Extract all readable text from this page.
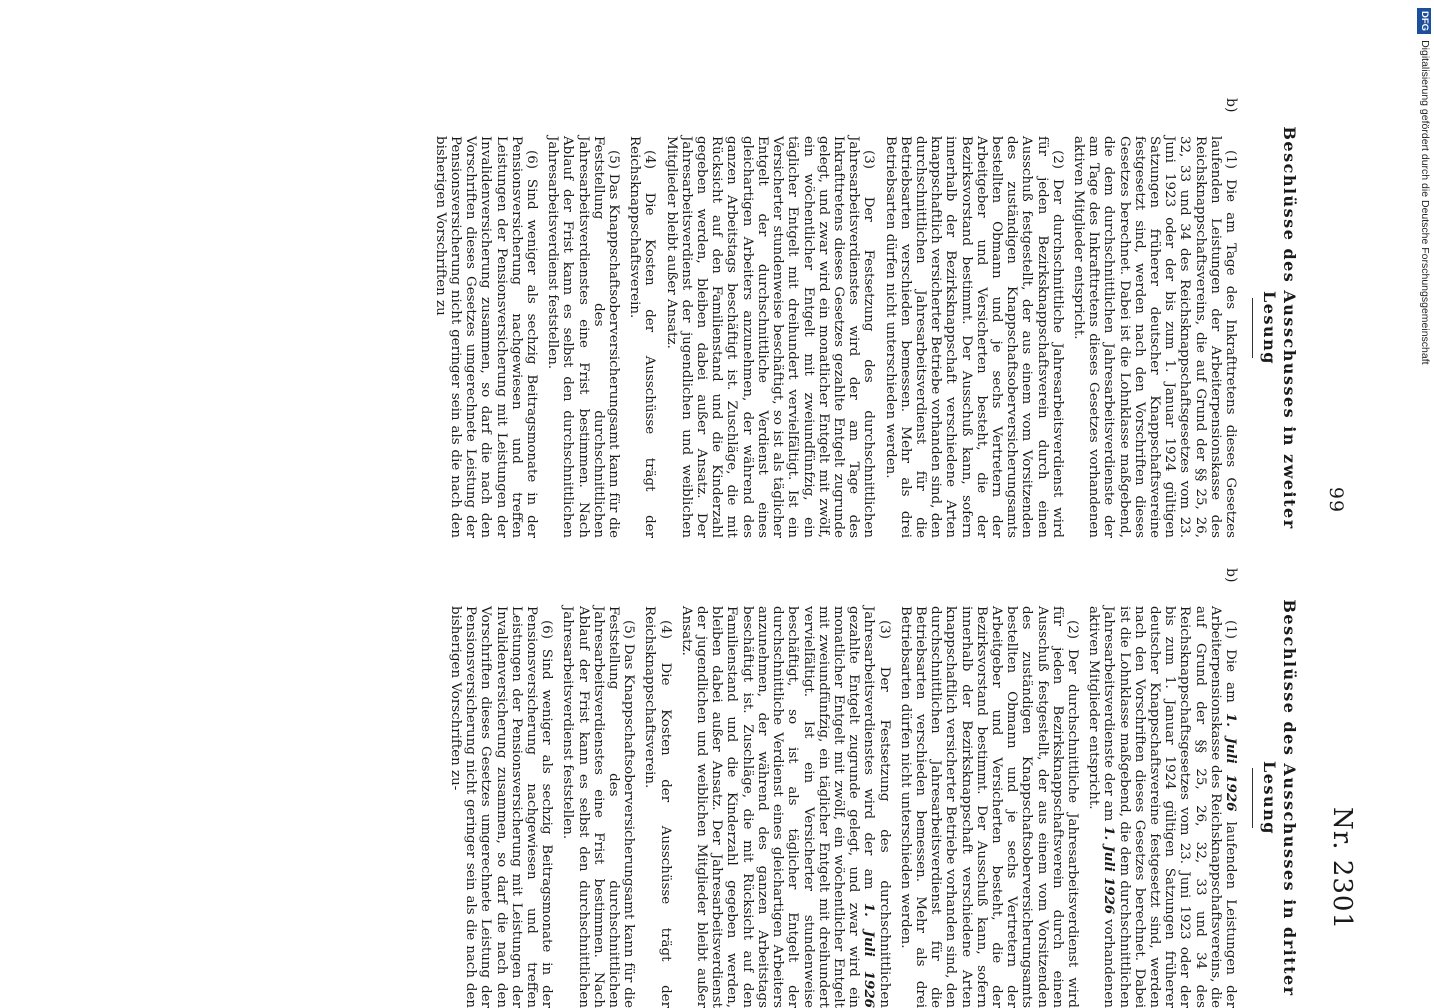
99
Nr. 2301
Beschlüsse des Ausschusses in zweiter Lesung
b)

(1) Die am Tage des Inkrafttretens dieses Gesetzes laufenden Leistungen der Arbeiterpensionskasse des Reichsknappschaftsvereins, die auf Grund der §§ 25, 26, 32, 33 und 34 des Reichsknappschaftsgesetzes vom 23. Juni 1923 oder der bis zum 1. Januar 1924 gültigen Satzungen früherer deutscher Knappschaftsvereine festgesetzt sind, werden nach den Vorschriften dieses Gesetzes berechnet. Dabei ist die Lohnklasse maßgebend, die dem durchschnittlichen Jahresarbeitsverdienste der am Tage des Inkrafttretens dieses Gesetzes vorhandenen aktiven Mitglieder entspricht.

(2) Der durchschnittliche Jahresarbeitsverdienst wird für jeden Bezirksknappschaftsverein durch einen Ausschuß festgestellt, der aus einem vom Vorsitzenden des zuständigen Knappschaftsoberversicherungsamts bestellten Obmann und je sechs Vertretern der Arbeitgeber und Versicherten besteht, die der Bezirksvorstand bestimmt. Der Ausschuß kann, sofern innerhalb der Bezirksknappschaft verschiedene Arten knappschaftlich versicherter Betriebe vorhanden sind, den durchschnittlichen Jahresarbeitsverdienst für die Betriebsarten verschieden bemessen. Mehr als drei Betriebsarten dürfen nicht unterschieden werden.

(3) Der Festsetzung des durchschnittlichen Jahresarbeitsverdienstes wird der am Tage des Inkrafttretens dieses Gesetzes gezahlte Entgelt zugrunde gelegt, und zwar wird ein monatlicher Entgelt mit zwölf, ein wöchentlicher Entgelt mit zweiundfünfzig, ein täglicher Entgelt mit dreihundert vervielfältigt. Ist ein Versicherter stundenweise beschäftigt, so ist als täglicher Entgelt der durchschnittliche Verdienst eines gleichartigen Arbeiters anzunehmen, der während des ganzen Arbeitstags beschäftigt ist. Zuschläge, die mit Rücksicht auf den Familienstand und die Kinderzahl gegeben werden, bleiben dabei außer Ansatz. Der Jahresarbeitsverdienst der jugendlichen und weiblichen Mitglieder bleibt außer Ansatz.

(4) Die Kosten der Ausschüsse trägt der Reichsknappschaftsverein.

(5) Das Knappschaftsoberversicherungsamt kann für die Feststellung des durchschnittlichen Jahresarbeitsverdienstes eine Frist bestimmen. Nach Ablauf der Frist kann es selbst den durchschnittlichen Jahresarbeitsverdienst feststellen.

(6) Sind weniger als sechzig Beitragsmonate in der Pensionsversicherung nachgewiesen und treffen Leistungen der Pensionsversicherung mit Leistungen der Invalidenversicherung zusammen, so darf die nach den Vorschriften dieses Gesetzes umgerechnete Leistung der Pensionsversicherung nicht geringer sein als die nach den bisherigen Vorschriften zu

Beschlüsse des Ausschusses in dritter Lesung
b)

(1) Die am 1. Juli 1926 laufenden Leistungen der Arbeiterpensionskasse des Reichsknappschaftsvereins, die auf Grund der §§ 25, 26, 32, 33 und 34 des Reichsknappschaftsgesetzes vom 23. Juni 1923 oder der bis zum 1. Januar 1924 gültigen Satzungen früherer deutscher Knappschaftsvereine festgesetzt sind, werden nach den Vorschriften dieses Gesetzes berechnet. Dabei ist die Lohnklasse maßgebend, die dem durchschnittlichen Jahresarbeitsverdienste der am 1. Juli 1926 vorhandenen aktiven Mitglieder entspricht.

(2) Der durchschnittliche Jahresarbeitsverdienst wird für jeden Bezirksknappschaftsverein durch einen Ausschuß festgestellt, der aus einem vom Vorsitzenden des zuständigen Knappschaftsoberversicherungsamts bestellten Obmann und je sechs Vertretern der Arbeitgeber und Versicherten besteht, die der Bezirksvorstand bestimmt. Der Ausschuß kann, sofern innerhalb der Bezirksknappschaft verschiedene Arten knappschaftlich versicherter Betriebe vorhanden sind, den durchschnittlichen Jahresarbeitsverdienst für die Betriebsarten verschieden bemessen. Mehr als drei Betriebsarten dürfen nicht unterschieden werden.

(3) Der Festsetzung des durchschnittlichen Jahresarbeitsverdienstes wird der am 1. Juli 1926 gezahlte Entgelt zugrunde gelegt, und zwar wird ein monatlicher Entgelt mit zwölf, ein wöchentlicher Entgelt mit zweiundfünfzig, ein täglicher Entgelt mit dreihundert vervielfältigt. Ist ein Versicherter stundenweise beschäftigt, so ist als täglicher Entgelt der durchschnittliche Verdienst eines gleichartigen Arbeiters anzunehmen, der während des ganzen Arbeitstags beschäftigt ist. Zuschläge, die mit Rücksicht auf den Familienstand und die Kinderzahl gegeben werden, bleiben dabei außer Ansatz. Der Jahresarbeitsverdienst der jugendlichen und weiblichen Mitglieder bleibt außer Ansatz.

(4) Die Kosten der Ausschüsse trägt der Reichsknappschaftsverein.

(5) Das Knappschaftsoberversicherungsamt kann für die Feststellung des durchschnittlichen Jahresarbeitsverdienstes eine Frist bestimmen. Nach Ablauf der Frist kann es selbst den durchschnittlichen Jahresarbeitsverdienst feststellen.

(6) Sind weniger als sechzig Beitragsmonate in der Pensionsversicherung nachgewiesen und treffen Leistungen der Pensionsversicherung mit Leistungen der Invalidenversicherung zusammen, so darf die nach den Vorschriften dieses Gesetzes umgerechnete Leistung der Pensionsversicherung nicht geringer sein als die nach den bisherigen Vorschriften zu-

DFGDigitalisierung gefördert durch die Deutsche Forschungsgemeinschaft
